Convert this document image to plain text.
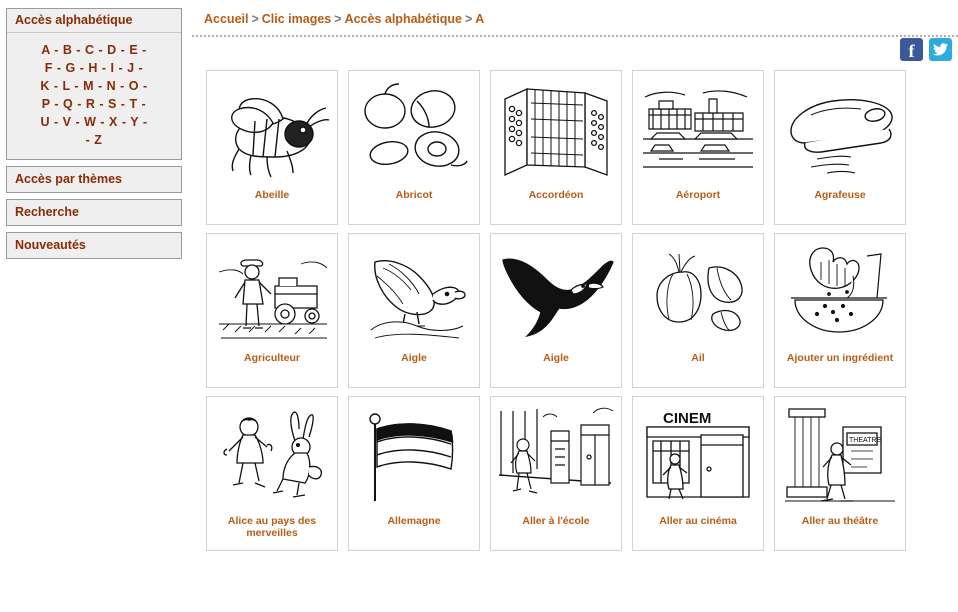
Accès alphabétique
A - B - C - D - E -
F - G - H - I - J -
K - L - M - N - O -
P - Q - R - S - T -
U - V - W - X - Y -
- Z
Accès par thèmes
Recherche
Nouveautés
Accueil > Clic images > Accès alphabétique > A
f
Abeille	Abricot	Accordéon	Aéroport	Agrafeuse
Agriculteur	Aigle	Aigle	Ail	Ajouter un ingrédient
Alice au pays des merveilles
Allemagne	Aller à l'école
CINEM
Aller au cinéma
THEATRE
Aller au théâtre
